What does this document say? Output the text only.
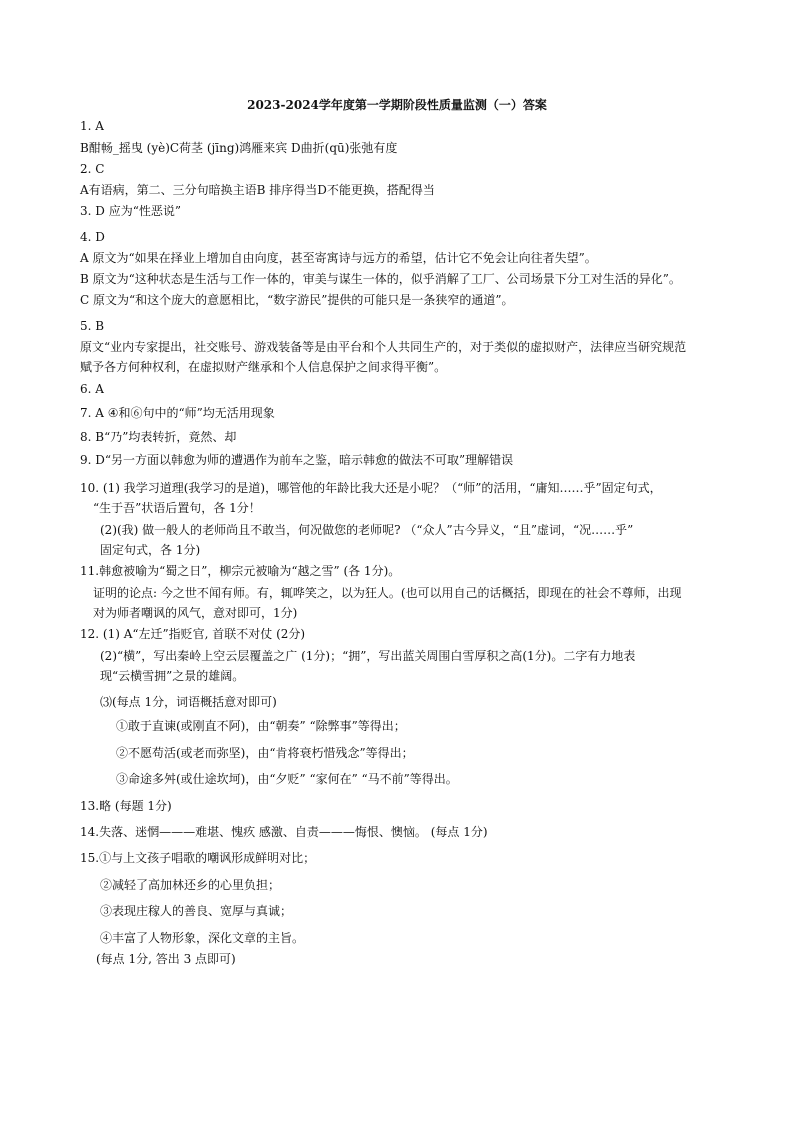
2023-2024学年度第一学期阶段性质量监测（一）答案
1. A
B酣畅_摇曳 (yè)C荷茎 (jīng)鸿雁来宾 D曲折(qū)张弛有度
2. C
A有语病，第二、三分句暗换主语B 排序得当D不能更换，搭配得当
3. D 应为“性恶说”
4. D
A 原文为“如果在择业上增加自由向度，甚至寄寓诗与远方的希望，估计它不免会让向往者失望”。
B 原文为“这种状态是生活与工作一体的，审美与谋生一体的，似乎消解了工厂、公司场景下分工对生活的异化”。
C 原文为“和这个庞大的意愿相比，“数字游民”提供的可能只是一条狭窄的通道”。
5. B
原文“业内专家提出，社交账号、游戏装备等是由平台和个人共同生产的，对于类似的虚拟财产，法律应当研究规范
赋予各方何种权利，在虚拟财产继承和个人信息保护之间求得平衡”。
6. A
7. A ④和⑥句中的“师”均无活用现象
8. B“乃”均表转折，竟然、却
9. D“另一方面以韩愈为师的遭遇作为前车之鉴，暗示韩愈的做法不可取”理解错误
10. (1) 我学习道理(我学习的是道)，哪管他的年龄比我大还是小呢？（“师”的活用，“庸知……乎”固定句式，
“生于吾”状语后置句，各 1分！
(2)(我) 做一般人的老师尚且不敢当，何况做您的老师呢? （“众人”古今异义，“且”虚词，“况……乎”
固定句式，各 1分)
11.韩愈被喻为“蜀之日”，柳宗元被喻为“越之雪” (各 1分)。
证明的论点: 今之世不闻有师。有，辄哗笑之，以为狂人。(也可以用自己的话概括，即现在的社会不尊师，出现
对为师者嘲讽的风气，意对即可，1分)
12. (1) A“左迁”指贬官, 首联不对仗 (2分)
(2)“横”，写出秦岭上空云层覆盖之广 (1分)；“拥”，写出蓝关周围白雪厚积之高(1分)。二字有力地表
现“云横雪拥”之景的雄阔。
⑶(每点 1分，词语概括意对即可)
①敢于直谏(或刚直不阿)，由“朝奏” “除弊事”等得出；
②不愿苟活(或老而弥坚)，由“肯将衰朽惜残念”等得出；
③命途多舛(或仕途坎坷)，由“夕贬” “家何在” “马不前”等得出。
13.略 (每题 1分)
14.失落、迷惘———难堪、愧疚 感激、自责———悔恨、懊恼。 (每点 1分)
15.①与上文孩子唱歌的嘲讽形成鲜明对比；
②减轻了高加林还乡的心里负担；
③表现庄稼人的善良、宽厚与真诚；
④丰富了人物形象，深化文章的主旨。
(每点 1分, 答出 3 点即可)
